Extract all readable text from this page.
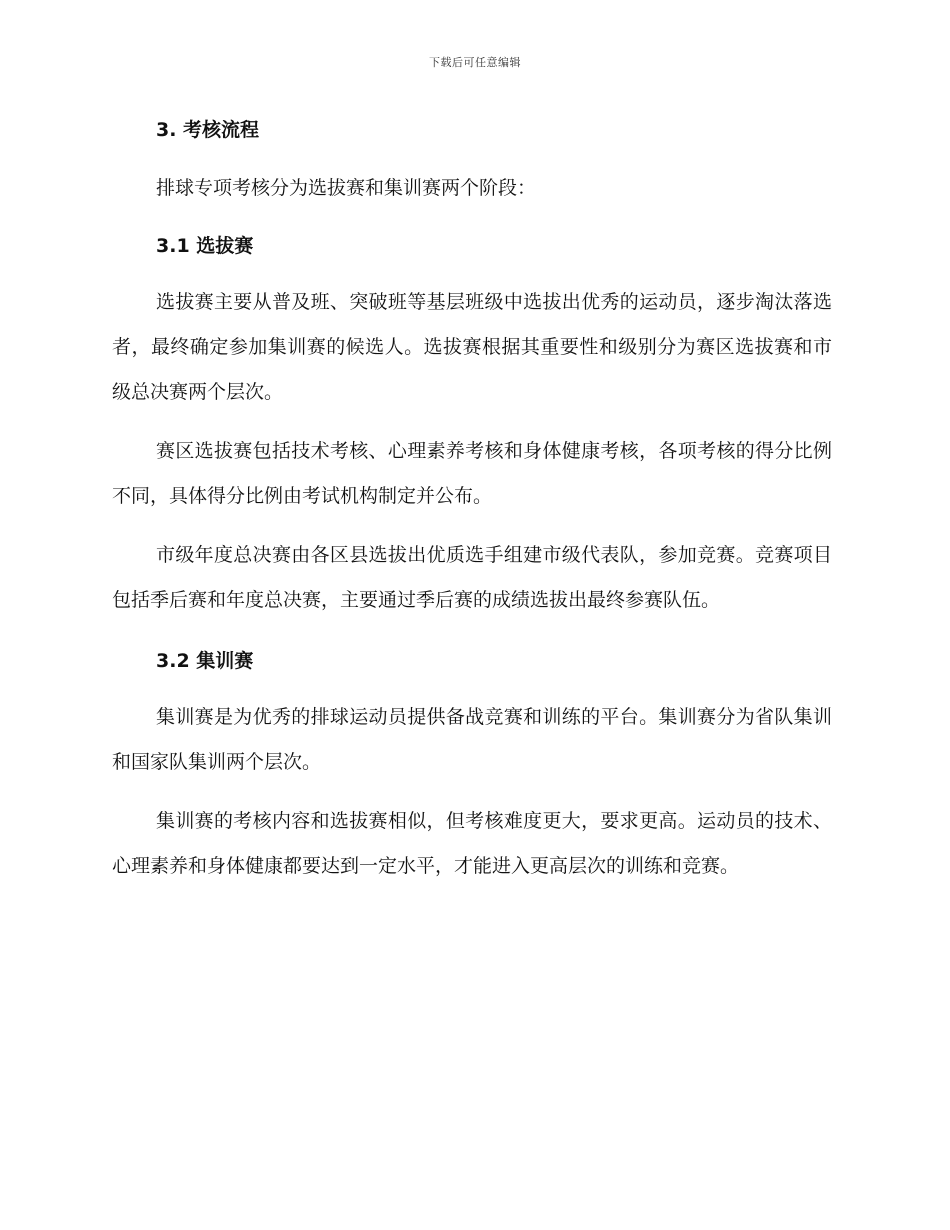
下载后可任意编辑
3. 考核流程

排球专项考核分为选拔赛和集训赛两个阶段：

3.1 选拔赛

选拔赛主要从普及班、突破班等基层班级中选拔出优秀的运动员，逐步淘汰落选者，最终确定参加集训赛的候选人。选拔赛根据其重要性和级别分为赛区选拔赛和市级总决赛两个层次。

赛区选拔赛包括技术考核、心理素养考核和身体健康考核，各项考核的得分比例不同，具体得分比例由考试机构制定并公布。

市级年度总决赛由各区县选拔出优质选手组建市级代表队，参加竞赛。竞赛项目包括季后赛和年度总决赛，主要通过季后赛的成绩选拔出最终参赛队伍。

3.2 集训赛

集训赛是为优秀的排球运动员提供备战竞赛和训练的平台。集训赛分为省队集训和国家队集训两个层次。

集训赛的考核内容和选拔赛相似，但考核难度更大，要求更高。运动员的技术、心理素养和身体健康都要达到一定水平，才能进入更高层次的训练和竞赛。
